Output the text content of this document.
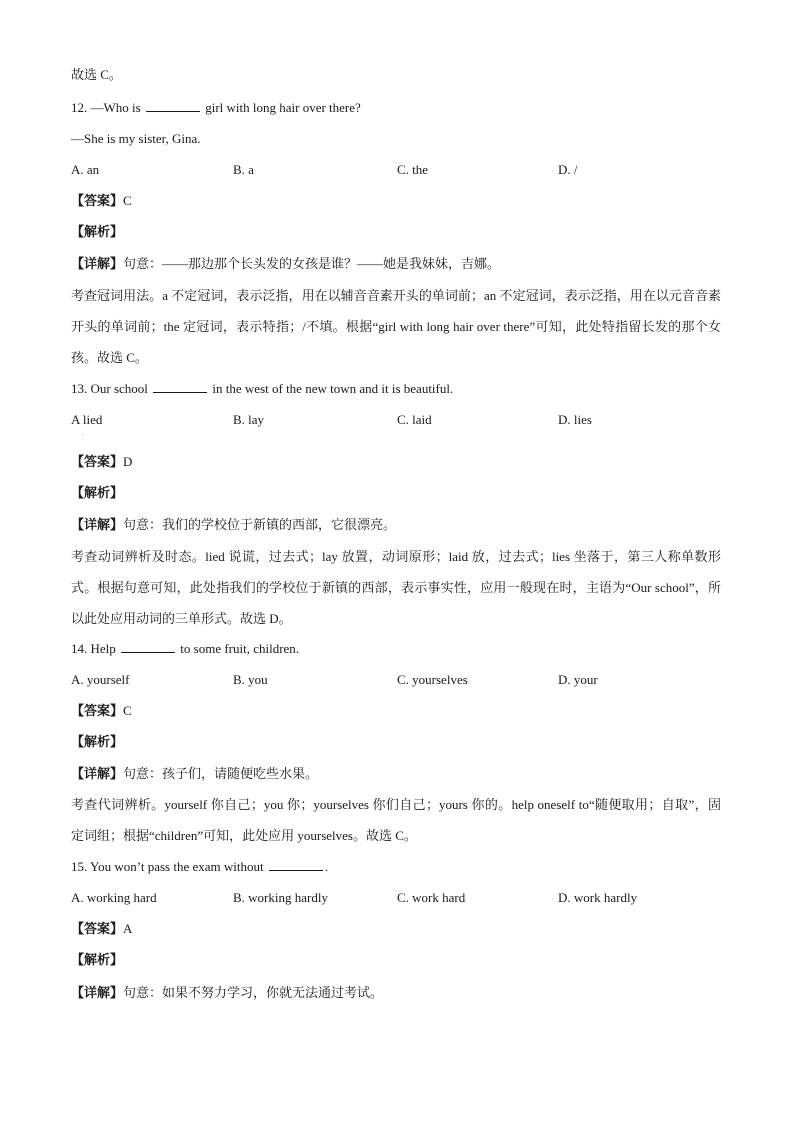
故选 C。
12. —Who is	girl with long hair over there?
—She is my sister, Gina.
A. an	B. a	C. the	D. /
【答案】C
【解析】
【详解】句意：——那边那个长头发的女孩是谁？——她是我妹妹，吉娜。
考查冠词用法。a 不定冠词，表示泛指，用在以辅音音素开头的单词前；an 不定冠词，表示泛指，用在以元音音素开头的单词前；the 定冠词，表示特指；/不填。根据“girl with long hair over there”可知，此处特指留长发的那个女孩。故选 C。
13. Our school	in the west of the new town and it is beautiful.
A lied	B. lay	C. laid	D. lies
·
【答案】D
【解析】
【详解】句意：我们的学校位于新镇的西部，它很漂亮。
考查动词辨析及时态。lied 说谎，过去式；lay 放置，动词原形；laid 放，过去式；lies 坐落于，第三人称单数形式。根据句意可知，此处指我们的学校位于新镇的西部，表示事实性，应用一般现在时，主语为“Our school”，所以此处应用动词的三单形式。故选 D。
14. Help	to some fruit, children.
A. yourself	B. you	C. yourselves	D. your
【答案】C
【解析】
【详解】句意：孩子们，请随便吃些水果。
考查代词辨析。yourself 你自己；you 你；yourselves 你们自己；yours 你的。help oneself to“随便取用；自取”，固定词组；根据“children”可知，此处应用 yourselves。故选 C。
15. You won’t pass the exam without	.
A. working hard	B. working hardly	C. work hard	D. work hardly
【答案】A
【解析】
【详解】句意：如果不努力学习，你就无法通过考试。
